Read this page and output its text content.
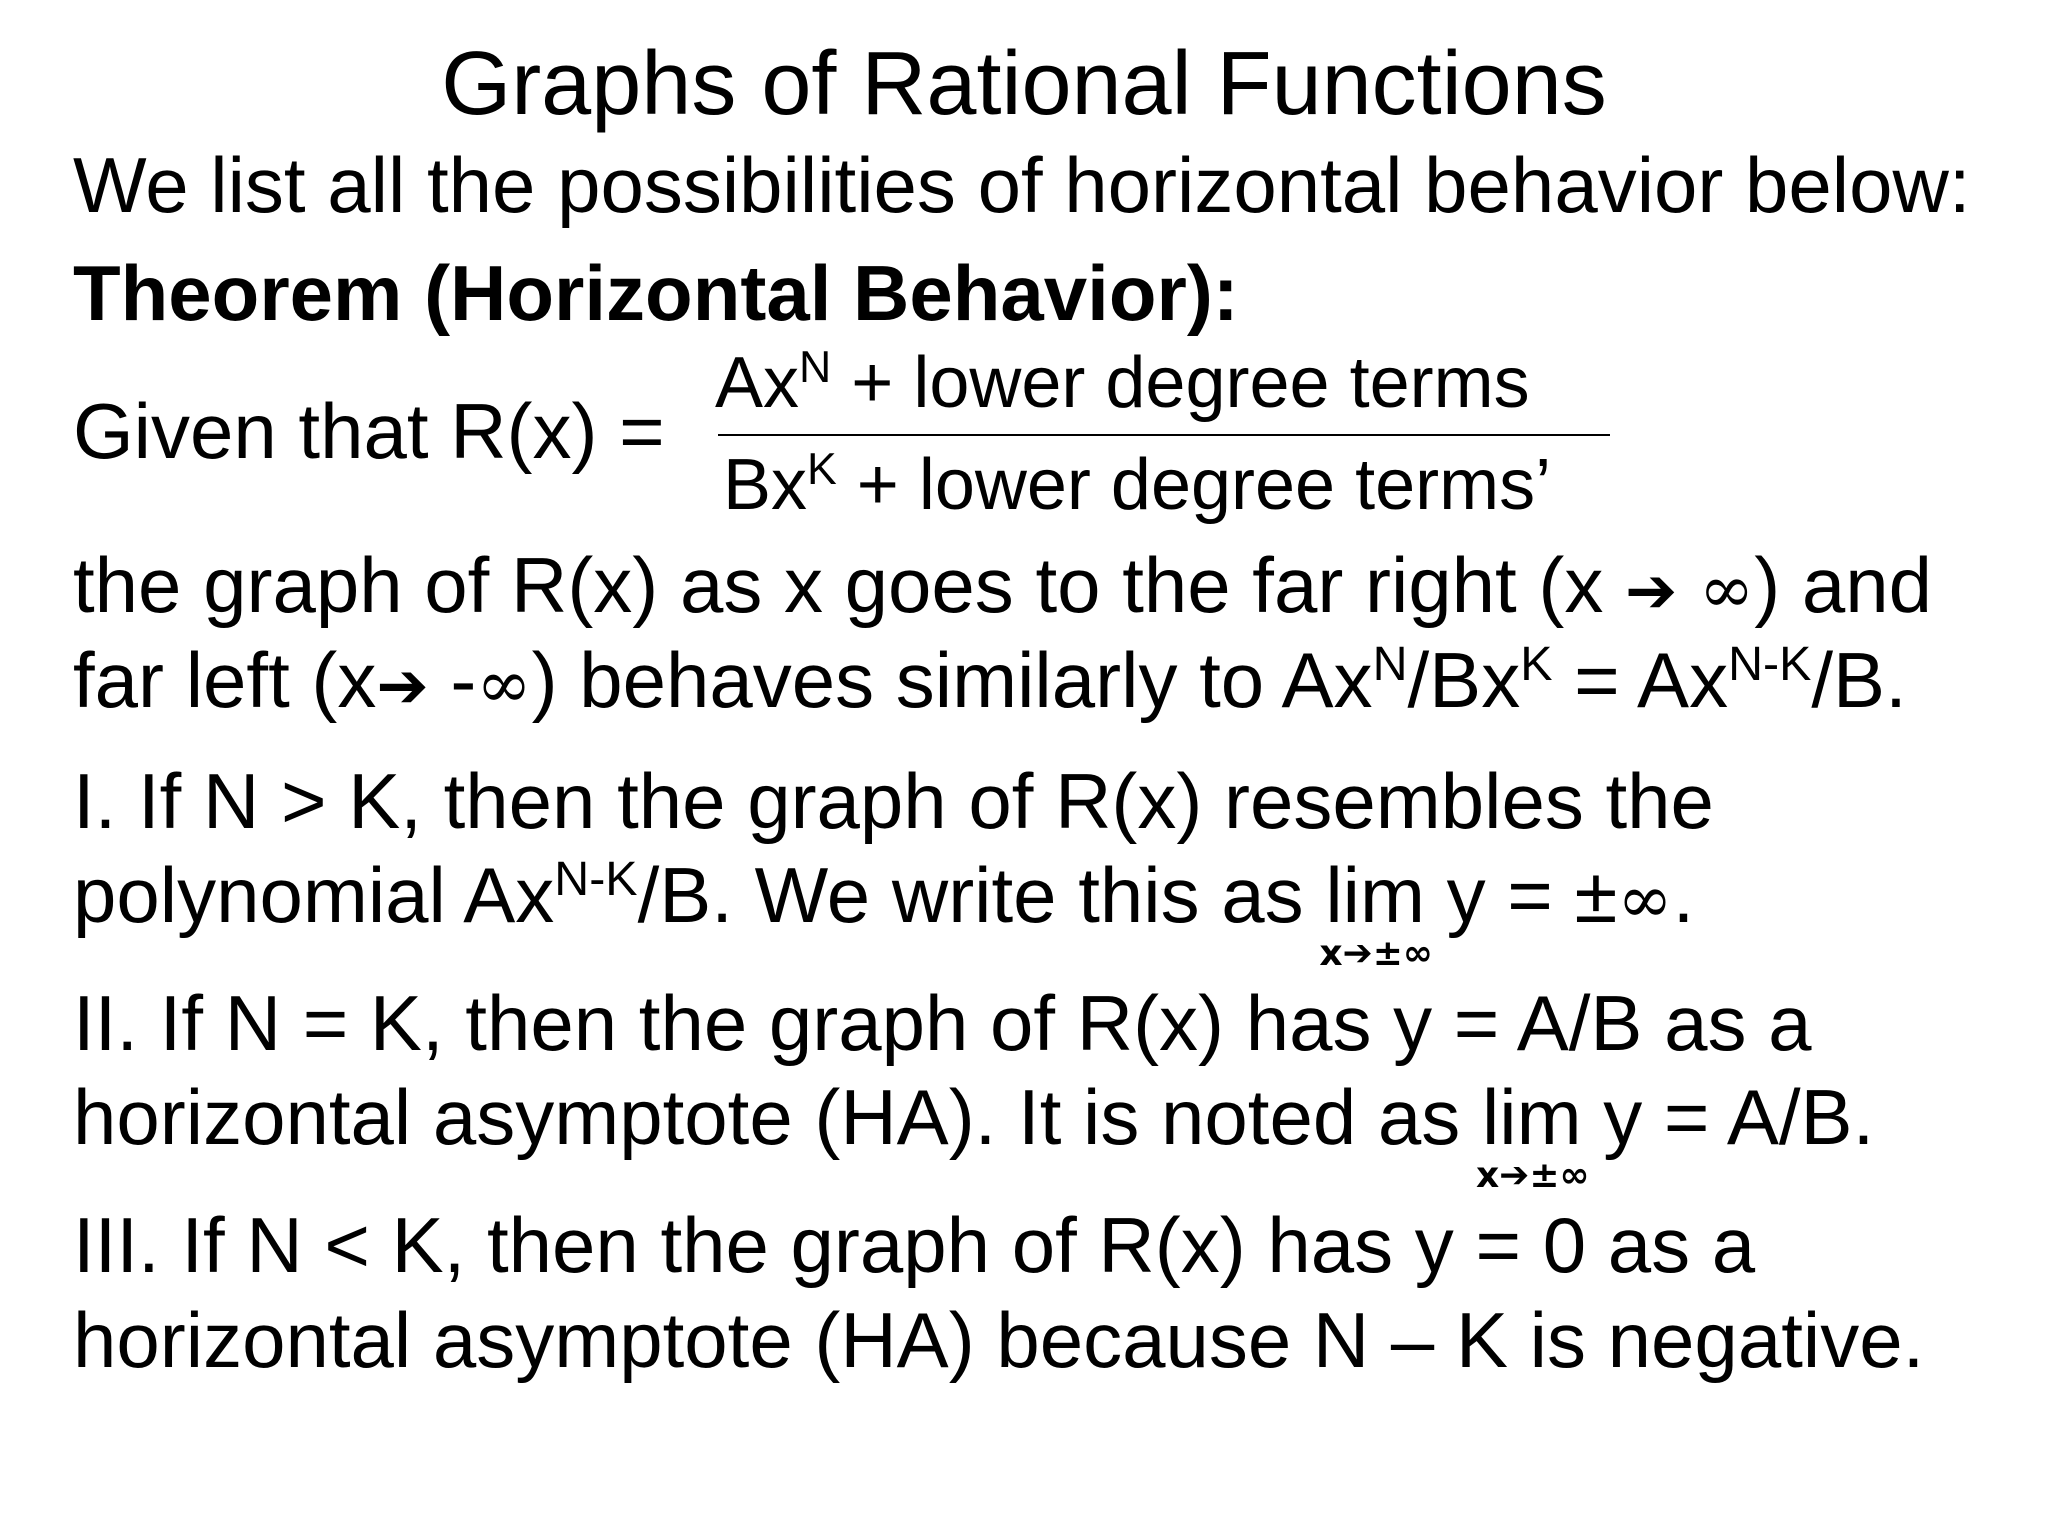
Graphs of Rational Functions
We list all the possibilities of horizontal behavior below:
Theorem (Horizontal Behavior):
Given that R(x) =
$Ax^N$ + lower degree terms
$Bx^K$ + lower degree terms’
the graph of R(x) as x goes to the far right (x ➔ ∞) and
far left (x➔ -∞) behaves similarly to $Ax^N/Bx^K = Ax^{N-K}/B$.
I. If N > K, then the graph of R(x) resembles the
polynomial $Ax^{N-K}/B$. We write this as lim
x➔±∞
y = ±∞.
II. If N = K, then the graph of R(x) has y = A/B as a
horizontal asymptote (HA). It is noted as lim
x➔±∞
y = A/B.
III. If N < K, then the graph of R(x) has y = 0 as a
horizontal asymptote (HA) because N – K is negative.
